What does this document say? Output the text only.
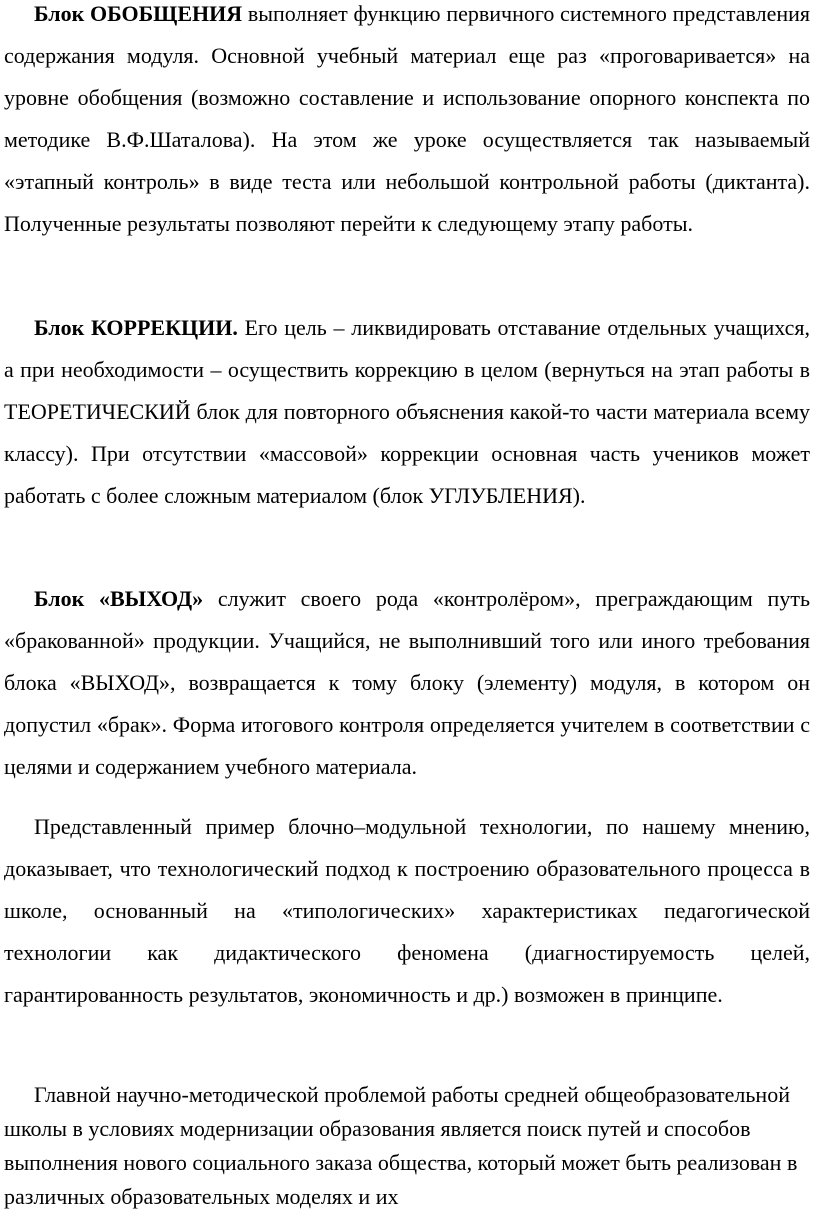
Блок ОБОБЩЕНИЯ выполняет функцию первичного системного представления содержания модуля. Основной учебный материал еще раз «проговаривается» на уровне обобщения (возможно составление и использование опорного конспекта по методике В.Ф.Шаталова). На этом же уроке осуществляется так называемый «этапный контроль» в виде теста или небольшой контрольной работы (диктанта). Полученные результаты позволяют перейти к следующему этапу работы.

Блок КОРРЕКЦИИ. Его цель – ликвидировать отставание отдельных учащихся, а при необходимости – осуществить коррекцию в целом (вернуться на этап работы в ТЕОРЕТИЧЕСКИЙ блок для повторного объяснения какой-то части материала всему классу). При отсутствии «массовой» коррекции основная часть учеников может работать с более сложным материалом (блок УГЛУБЛЕНИЯ).

Блок «ВЫХОД» служит своего рода «контролёром», преграждающим путь «бракованной» продукции. Учащийся, не выполнивший того или иного требования блока «ВЫХОД», возвращается к тому блоку (элементу) модуля, в котором он допустил «брак». Форма итогового контроля определяется учителем в соответствии с целями и содержанием учебного материала.

Представленный пример блочно–модульной технологии, по нашему мнению, доказывает, что технологический подход к построению образовательного процесса в школе, основанный на «типологических» характеристиках педагогической технологии как дидактического феномена (диагностируемость целей, гарантированность результатов, экономичность и др.) возможен в принципе.

Главной научно-методической проблемой работы средней общеобразовательной школы в условиях модернизации образования является поиск путей и способов выполнения нового социального заказа общества, который может быть реализован в различных образовательных моделях и их
